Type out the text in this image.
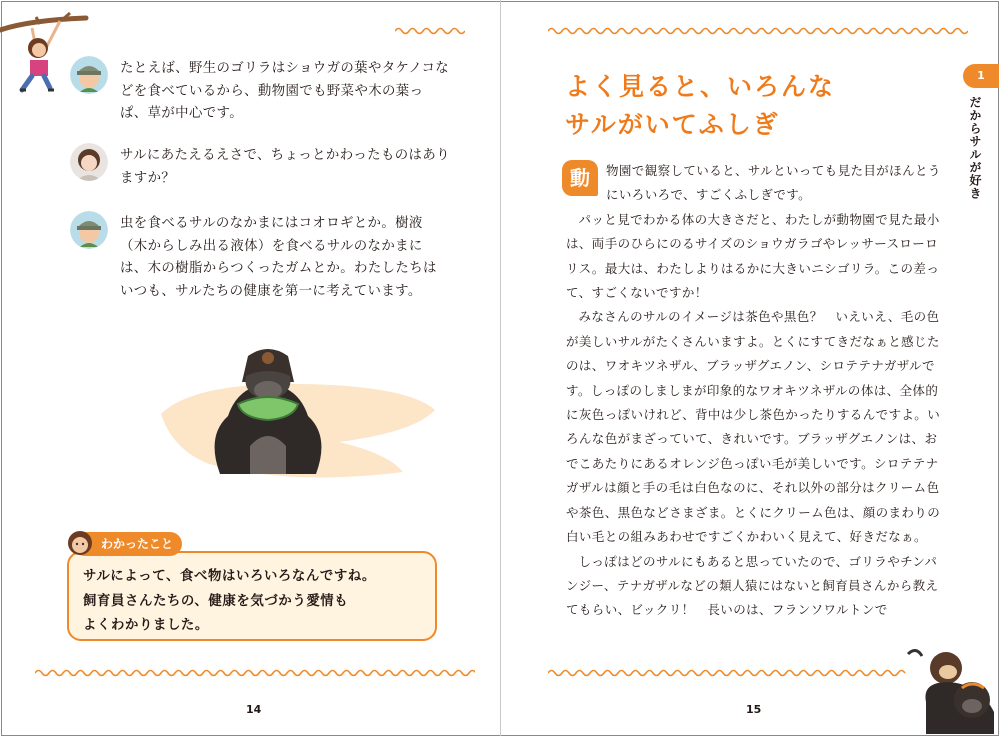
たとえば、野生のゴリラはショウガの葉やタケノコなどを食べているから、動物園でも野菜や木の葉っぱ、草が中心です。
サルにあたえるえさで、ちょっとかわったものはありますか？
虫を食べるサルのなかまにはコオロギとか。樹液（木からしみ出る液体）を食べるサルのなかまには、木の樹脂からつくったガムとか。わたしたちはいつも、サルたちの健康を第一に考えています。
サルによって、食べ物はいろいろなんですね。
飼育員さんたちの、健康を気づかう愛情も
よくわかりました。
わかったこと
14
よく見ると、いろんな
サルがいてふしぎ
1
だからサルが好き
動	物園で観察していると、サルといっても見た目がほんとうにいろいろで、すごくふしぎです。

パッと見でわかる体の大きさだと、わたしが動物園で見た最小は、両手のひらにのるサイズのショウガラゴやレッサースローロリス。最大は、わたしよりはるかに大きいニシゴリラ。この差って、すごくないですか！

みなさんのサルのイメージは茶色や黒色？　いえいえ、毛の色が美しいサルがたくさんいますよ。とくにすてきだなぁと感じたのは、ワオキツネザル、ブラッザグエノン、シロテテナガザルです。しっぽのしましまが印象的なワオキツネザルの体は、全体的に灰色っぽいけれど、背中は少し茶色かったりするんですよ。いろんな色がまざっていて、きれいです。ブラッザグエノンは、おでこあたりにあるオレンジ色っぽい毛が美しいです。シロテテナガザルは顔と手の毛は白色なのに、それ以外の部分はクリーム色や茶色、黒色などさまざま。とくにクリーム色は、顔のまわりの白い毛との組みあわせですごくかわいく見えて、好きだなぁ。

しっぽはどのサルにもあると思っていたので、ゴリラやチンパンジー、テナガザルなどの類人猿にはないと飼育員さんから教えてもらい、ビックリ！　長いのは、フランソワルトンで

15
